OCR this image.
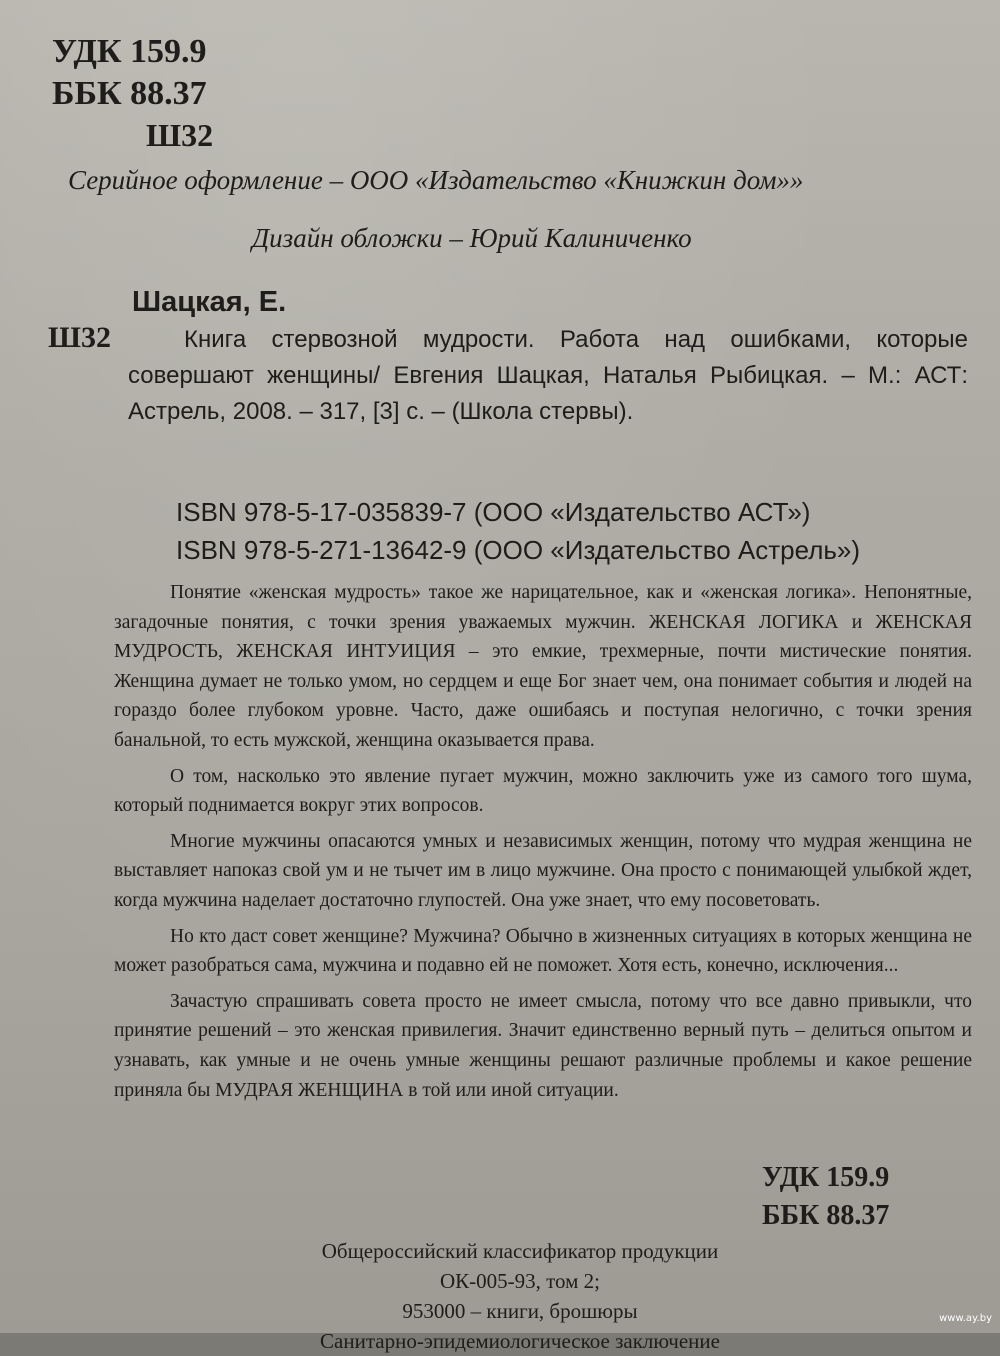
УДК 159.9
ББК 88.37
Ш32
Серийное оформление – ООО «Издательство «Книжкин дом»»
Дизайн обложки – Юрий Калиниченко
Шацкая, Е.
Ш32	Книга стервозной мудрости. Работа над ошибками, которые совершают женщины/ Евгения Шацкая, Наталья Рыбицкая. – М.: АСТ: Астрель, 2008. – 317, [3] с. – (Школа стервы).
ISBN 978-5-17-035839-7 (ООО «Издательство АСТ»)
ISBN 978-5-271-13642-9 (ООО «Издательство Астрель»)

Понятие «женская мудрость» такое же нарицательное, как и «женская логика». Непонятные, загадочные понятия, с точки зрения уважаемых мужчин. ЖЕНСКАЯ ЛОГИКА и ЖЕНСКАЯ МУДРОСТЬ, ЖЕНСКАЯ ИНТУИЦИЯ – это емкие, трехмерные, почти мистические понятия. Женщина думает не только умом, но сердцем и еще Бог знает чем, она понимает события и людей на гораздо более глубоком уровне. Часто, даже ошибаясь и поступая нелогично, с точки зрения банальной, то есть мужской, женщина оказывается права.

О том, насколько это явление пугает мужчин, можно заключить уже из самого того шума, который поднимается вокруг этих вопросов.

Многие мужчины опасаются умных и независимых женщин, потому что мудрая женщина не выставляет напоказ свой ум и не тычет им в лицо мужчине. Она просто с понимающей улыбкой ждет, когда мужчина наделает достаточно глупостей. Она уже знает, что ему посоветовать.

Но кто даст совет женщине? Мужчина? Обычно в жизненных ситуациях в которых женщина не может разобраться сама, мужчина и подавно ей не поможет. Хотя есть, конечно, исключения...

Зачастую спрашивать совета просто не имеет смысла, потому что все давно привыкли, что принятие решений – это женская привилегия. Значит единственно верный путь – делиться опытом и узнавать, как умные и не очень умные женщины решают различные проблемы и какое решение приняла бы МУДРАЯ ЖЕНЩИНА в той или иной ситуации.

УДК 159.9
ББК 88.37
Общероссийский классификатор продукции
ОК-005-93, том 2;
953000 – книги, брошюры
Санитарно-эпидемиологическое заключение
www.ay.by
